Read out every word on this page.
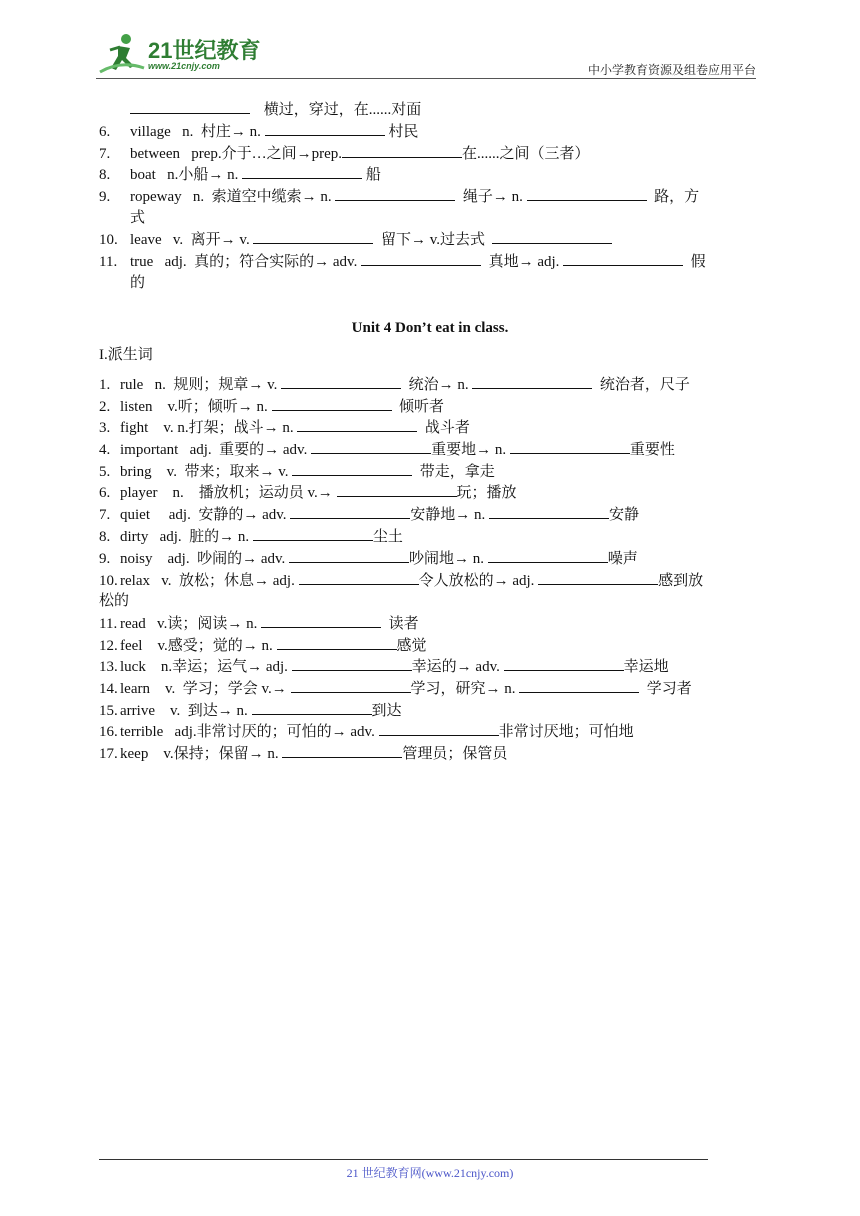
21世纪教育
www.21cnjy.com	中小学教育资源及组卷应用平台
横过，穿过，在......对面
Unit 4 Don’t eat in class.
I.派生词
6. village   n.  村庄→ n.	村民
7. between   prep.介于…之间→prep.	在......之间（三者）
8. boat   n.小船→ n.	船
9. ropeway   n.  索道空中缆索→ n.	绳子→ n.	路，方
式
10. leave   v.  离开→ v.	留下→ v.过去式
11. true   adj.  真的；符合实际的→ adv.	真地→ adj.	假
的
1. rule   n.  规则；规章→ v.	统治→ n.	统治者，尺子
2. listen    v.听；倾听→ n.	倾听者
3. fight    v. n.打架；战斗→ n.	战斗者
4. important   adj.  重要的→ adv.	重要地→ n.	重要性
5. bring    v.  带来；取来→ v.	带走，拿走
6. player    n.    播放机；运动员 v.→	玩；播放
7. quiet     adj.  安静的→ adv.	安静地→ n.	安静
8. dirty   adj.  脏的→ n.	尘土
9. noisy    adj.  吵闹的→ adv.	吵闹地→ n.	噪声
10. relax   v.  放松；休息→ adj.	令人放松的→ adj.	感到放
松的
11. read   v.读；阅读→ n.	读者
12. feel    v.感受；觉的→ n.	感觉
13. luck    n.幸运；运气→ adj.	幸运的→ adv.	幸运地
14. learn    v.  学习；学会 v.→	学习，研究→ n.	学习者
15. arrive    v.  到达→ n.	到达
16. terrible   adj.非常讨厌的；可怕的→ adv.	非常讨厌地；可怕地
17. keep    v.保持；保留→ n.	管理员；保管员
21 世纪教育网(www.21cnjy.com)
